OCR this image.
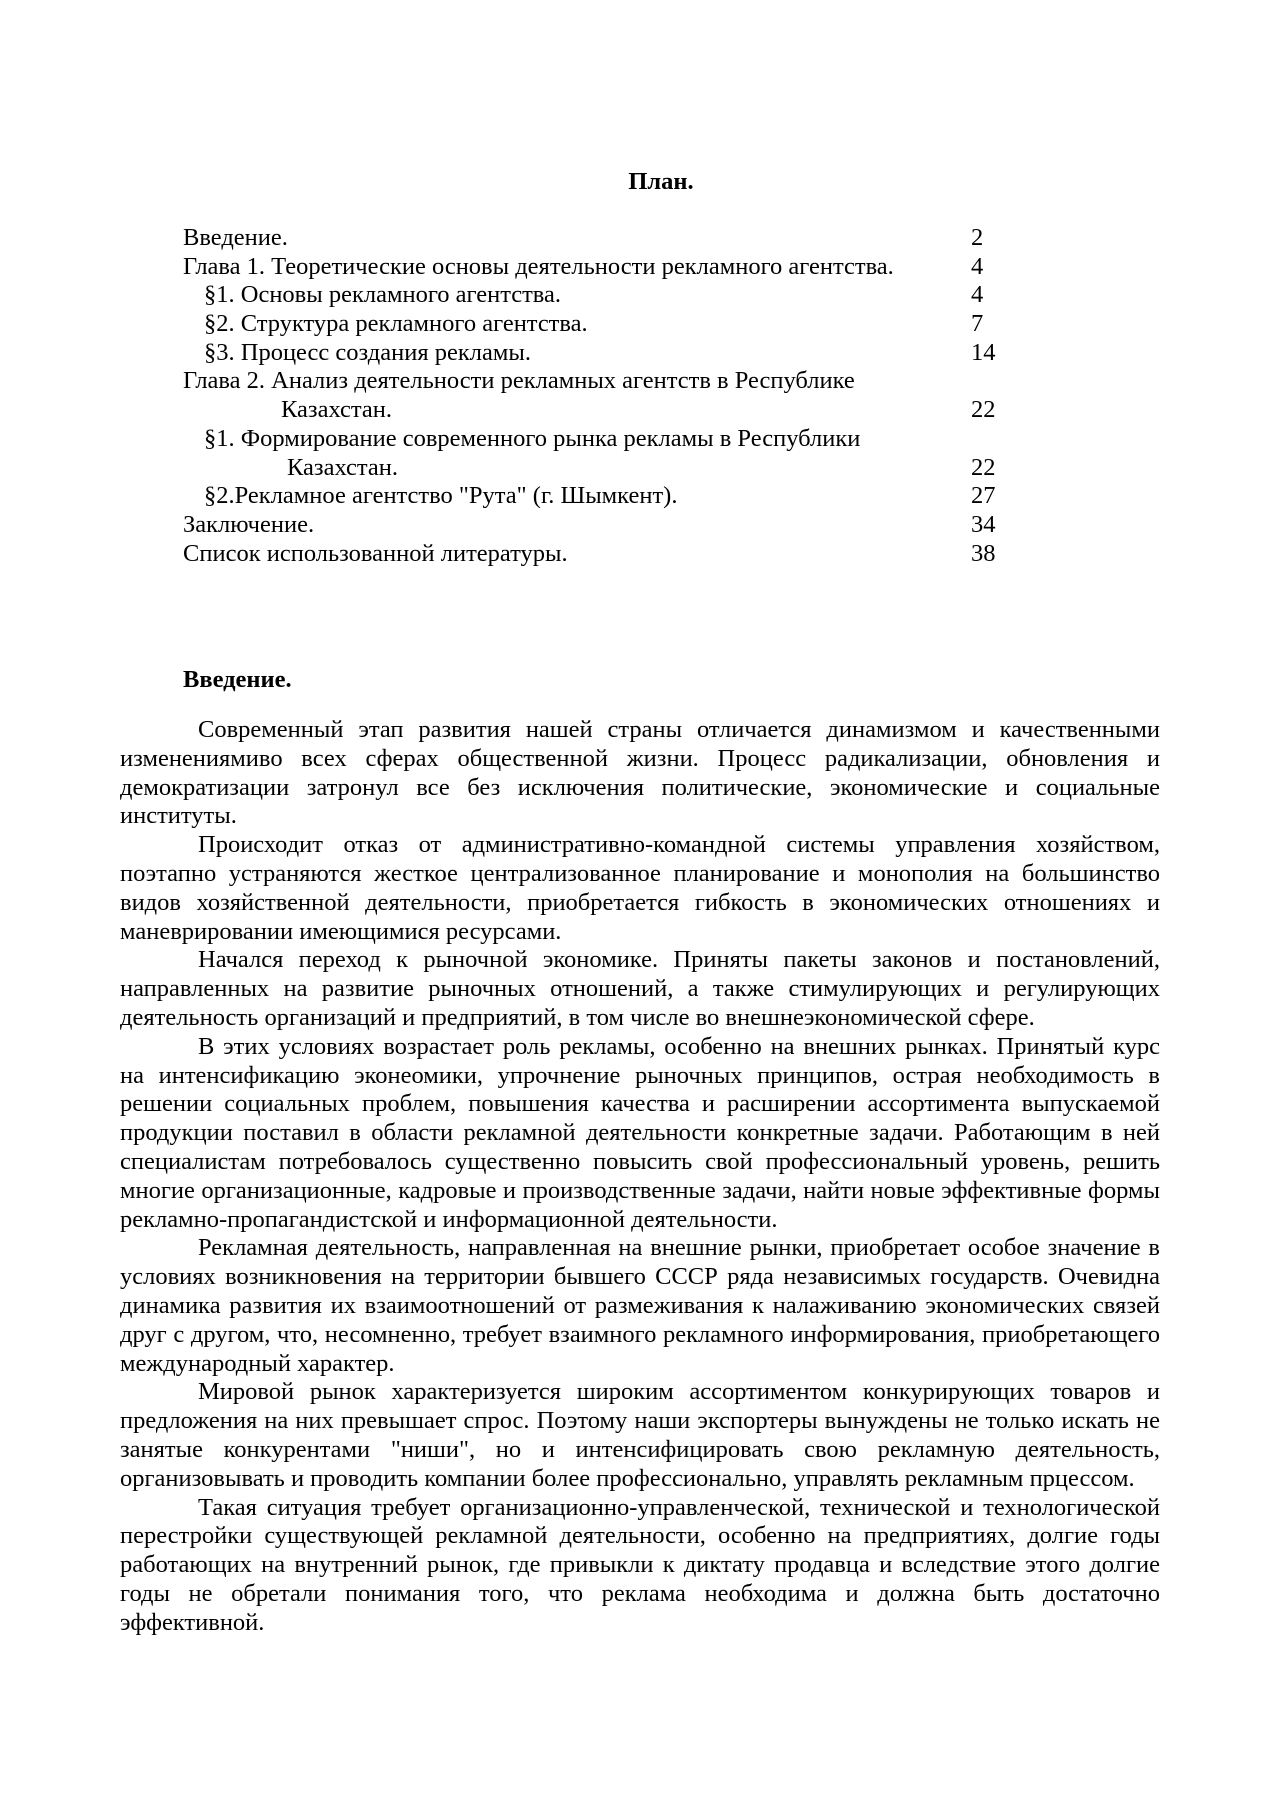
План.
Введение.	2
Глава 1. Теоретические основы деятельности рекламного агентства.	4
§1. Основы рекламного агентства.	4
§2. Структура рекламного агентства.	7
§3. Процесс создания рекламы.	14
Глава 2. Анализ деятельности рекламных агентств в Республике
Казахстан.	22
§1. Формирование современного рынка рекламы в Республики
Казахстан.	22
§2.Рекламное агентство "Рута" (г. Шымкент).	27
Заключение.	34
Список использованной литературы.	38
Введение.

Современный этап развития нашей страны отличается динамизмом и качественными изменениямиво всех сферах общественной жизни. Процесс радикализации, обновления и демократизации затронул все без исключения политические, экономические и социальные институты.

Происходит отказ от административно-командной системы управления хозяйством, поэтапно устраняются жесткое централизованное планирование и монополия на большинство видов хозяйственной деятельности, приобретается гибкость в экономических отношениях и маневрировании имеющимися ресурсами.

Начался переход к рыночной экономике. Приняты пакеты законов и постановлений, направленных на развитие рыночных отношений, а также стимулирующих и регулирующих деятельность организаций и предприятий, в том числе во внешнеэкономической сфере.

В этих условиях возрастает роль рекламы, особенно на внешних рынках. Принятый курс на интенсификацию эконеомики, упрочнение рыночных принципов, острая необходимость в решении социальных проблем, повышения качества и расширении ассортимента выпускаемой продукции поставил в области рекламной деятельности конкретные задачи. Работающим в ней специалистам потребовалось существенно повысить свой профессиональный уровень, решить многие организационные, кадровые и производственные задачи, найти новые эффективные формы рекламно-пропагандистской и информационной деятельности.

Рекламная деятельность, направленная на внешние рынки, приобретает особое значение в условиях возникновения на территории бывшего СССР ряда независимых государств. Очевидна динамика развития их взаимоотношений от размеживания к налаживанию экономических связей друг с другом, что, несомненно, требует взаимного рекламного информирования, приобретающего международный характер.

Мировой рынок характеризуется широким ассортиментом конкурирующих товаров и предложения на них превышает спрос. Поэтому наши экспортеры вынуждены не только искать не занятые конкурентами "ниши", но и интенсифицировать свою рекламную деятельность, организовывать и проводить компании более профессионально, управлять рекламным прцессом.

Такая ситуация требует организационно-управленческой, технической и технологической перестройки существующей рекламной деятельности, особенно на предприятиях, долгие годы работающих на внутренний рынок, где привыкли к диктату продавца и вследствие этого долгие годы не обретали понимания того, что реклама необходима и должна быть достаточно эффективной.
